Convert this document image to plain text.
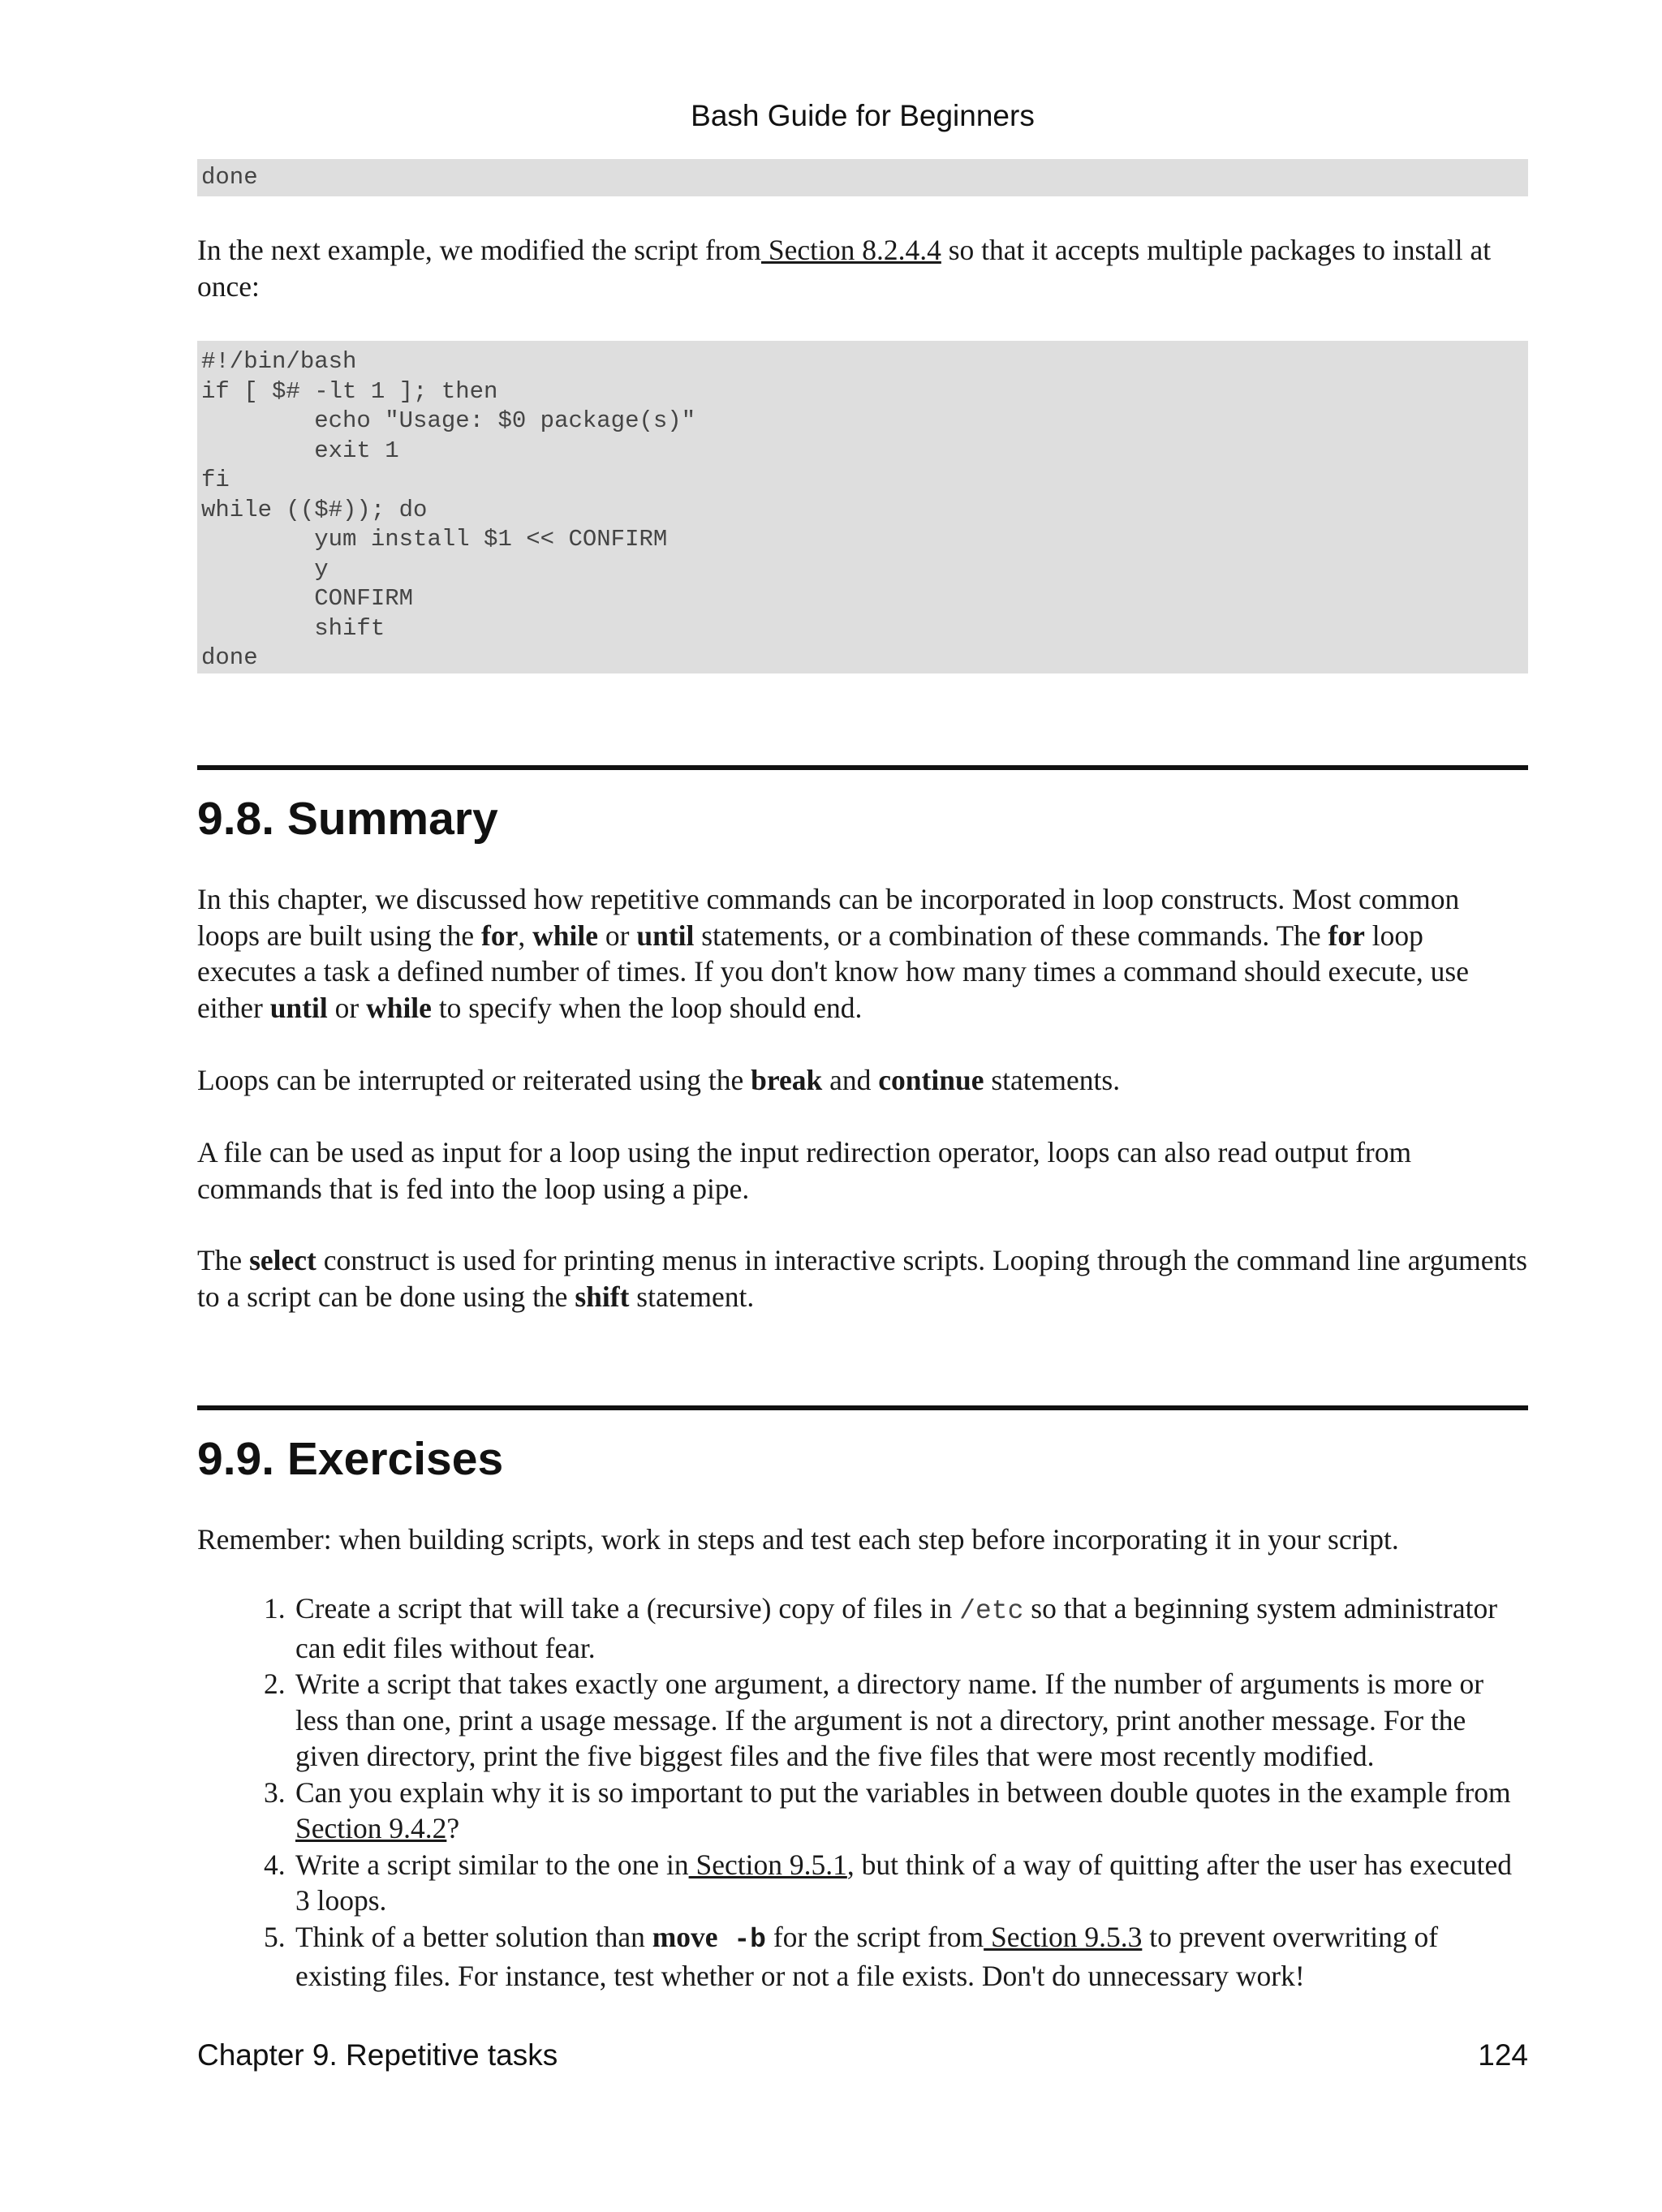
Bash Guide for Beginners
done

In the next example, we modified the script from Section 8.2.4.4 so that it accepts multiple packages to install at once:

#!/bin/bash
if [ $# -lt 1 ]; then
echo "Usage: $0 package(s)"
exit 1
fi
while (($#)); do
yum install $1 << CONFIRM
y
CONFIRM
shift
done
9.8. Summary

In this chapter, we discussed how repetitive commands can be incorporated in loop constructs. Most common loops are built using the for, while or until statements, or a combination of these commands. The for loop executes a task a defined number of times. If you don't know how many times a command should execute, use either until or while to specify when the loop should end.

Loops can be interrupted or reiterated using the break and continue statements.

A file can be used as input for a loop using the input redirection operator, loops can also read output from commands that is fed into the loop using a pipe.

The select construct is used for printing menus in interactive scripts. Looping through the command line arguments to a script can be done using the shift statement.

9.9. Exercises

Remember: when building scripts, work in steps and test each step before incorporating it in your script.

1. Create a script that will take a (recursive) copy of files in /etc so that a beginning system administrator can edit files without fear.
2. Write a script that takes exactly one argument, a directory name. If the number of arguments is more or less than one, print a usage message. If the argument is not a directory, print another message. For the given directory, print the five biggest files and the five files that were most recently modified.
3. Can you explain why it is so important to put the variables in between double quotes in the example from Section 9.4.2?
4. Write a script similar to the one in Section 9.5.1, but think of a way of quitting after the user has executed 3 loops.
5. Think of a better solution than move -b for the script from Section 9.5.3 to prevent overwriting of existing files. For instance, test whether or not a file exists. Don't do unnecessary work!
Chapter 9. Repetitive tasks	124
